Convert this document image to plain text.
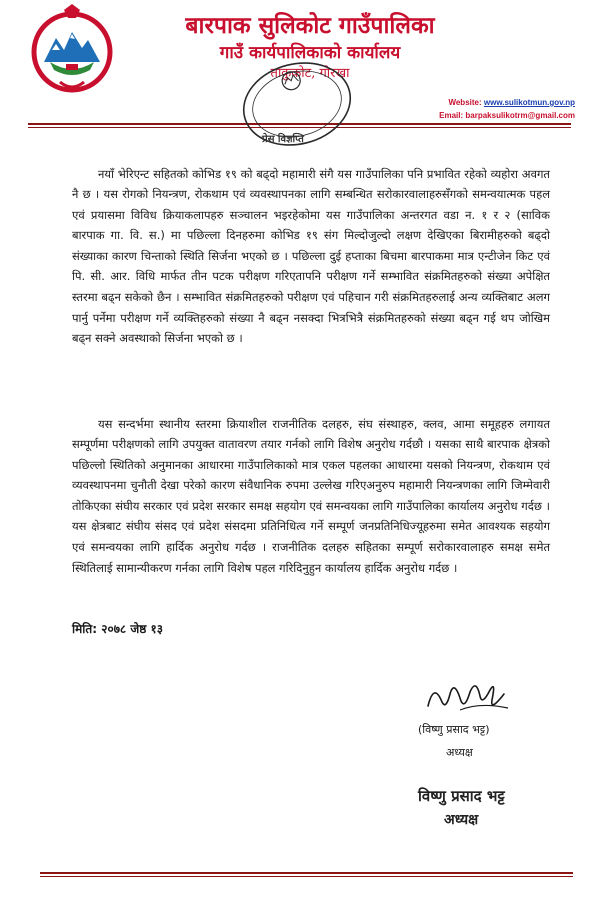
बारपाक सुलिकोट गाउँपालिका
गाउँ कार्यपालिकाको कार्यालय
ताकुकोट, गोरखा
Website: www.sulikotmun.gov.np
Email: barpaksulikotrm@gmail.com
प्रेस विज्ञप्ति

नयाँ भेरिएन्ट सहितको कोभिड १९ को बढ्दो महामारी संगै यस गाउँपालिका पनि प्रभावित रहेको व्यहोरा अवगत नै छ । यस रोगको नियन्त्रण, रोकथाम एवं व्यवस्थापनका लागि सम्बन्धित सरोकारवालाहरुसँगको समन्वयात्मक पहल एवं प्रयासमा विविध क्रियाकलापहरु सञ्चालन भइरहेकोमा यस गाउँपालिका अन्तरगत वडा न. १ र २ (साविक बारपाक गा. वि. स.) मा पछिल्ला दिनहरुमा कोभिड १९ संग मिल्दोजुल्दो लक्षण देखिएका बिरामीहरुको बढ्दो संख्याका कारण चिन्ताको स्थिति सिर्जना भएको छ । पछिल्ला दुई हप्ताका बिचमा बारपाकमा मात्र एन्टीजेन किट एवं पि. सी. आर. विधि मार्फत तीन पटक परीक्षण गरिएतापनि परीक्षण गर्ने सम्भावित संक्रमितहरुको संख्या अपेक्षित स्तरमा बढ्न सकेको छैन । सम्भावित संक्रमितहरुको परीक्षण एवं पहिचान गरी संक्रमितहरुलाई अन्य व्यक्तिबाट अलग पार्नु पर्नेमा परीक्षण गर्ने व्यक्तिहरुको संख्या नै बढ्न नसक्दा भित्रभित्रै संक्रमितहरुको संख्या बढ्न गई थप जोखिम बढ्न सक्ने अवस्थाको सिर्जना भएको छ ।

यस सन्दर्भमा स्थानीय स्तरमा क्रियाशील राजनीतिक दलहरु, संघ संस्थाहरु, क्लव, आमा समूहहरु लगायत सम्पूर्णमा परीक्षणको लागि उपयुक्त वातावरण तयार गर्नको लागि विशेष अनुरोध गर्दछौ । यसका साथै बारपाक क्षेत्रको पछिल्लो स्थितिको अनुमानका आधारमा गाउँपालिकाको मात्र एकल पहलका आधारमा यसको नियन्त्रण, रोकथाम एवं व्यवस्थापनमा चुनौती देखा परेको कारण संवैधानिक रुपमा उल्लेख गरिएअनुरुप महामारी नियन्त्रणका लागि जिम्मेवारी तोकिएका संघीय सरकार एवं प्रदेश सरकार समक्ष सहयोग एवं समन्वयका लागि गाउँपालिका कार्यालय अनुरोध गर्दछ । यस क्षेत्रबाट संघीय संसद एवं प्रदेश संसदमा प्रतिनिधित्व गर्ने सम्पूर्ण जनप्रतिनिधिज्यूहरुमा समेत आवश्यक सहयोग एवं समन्वयका लागि हार्दिक अनुरोध गर्दछ । राजनीतिक दलहरु सहितका सम्पूर्ण सरोकारवालाहरु समक्ष समेत स्थितिलाई सामान्यीकरण गर्नका लागि विशेष पहल गरिदिनुहुन कार्यालय हार्दिक अनुरोध गर्दछ ।

मिति: २०७८ जेष्ठ १३
(विष्णु प्रसाद भट्ट)
अध्यक्ष
विष्णु प्रसाद भट्ट
अध्यक्ष
